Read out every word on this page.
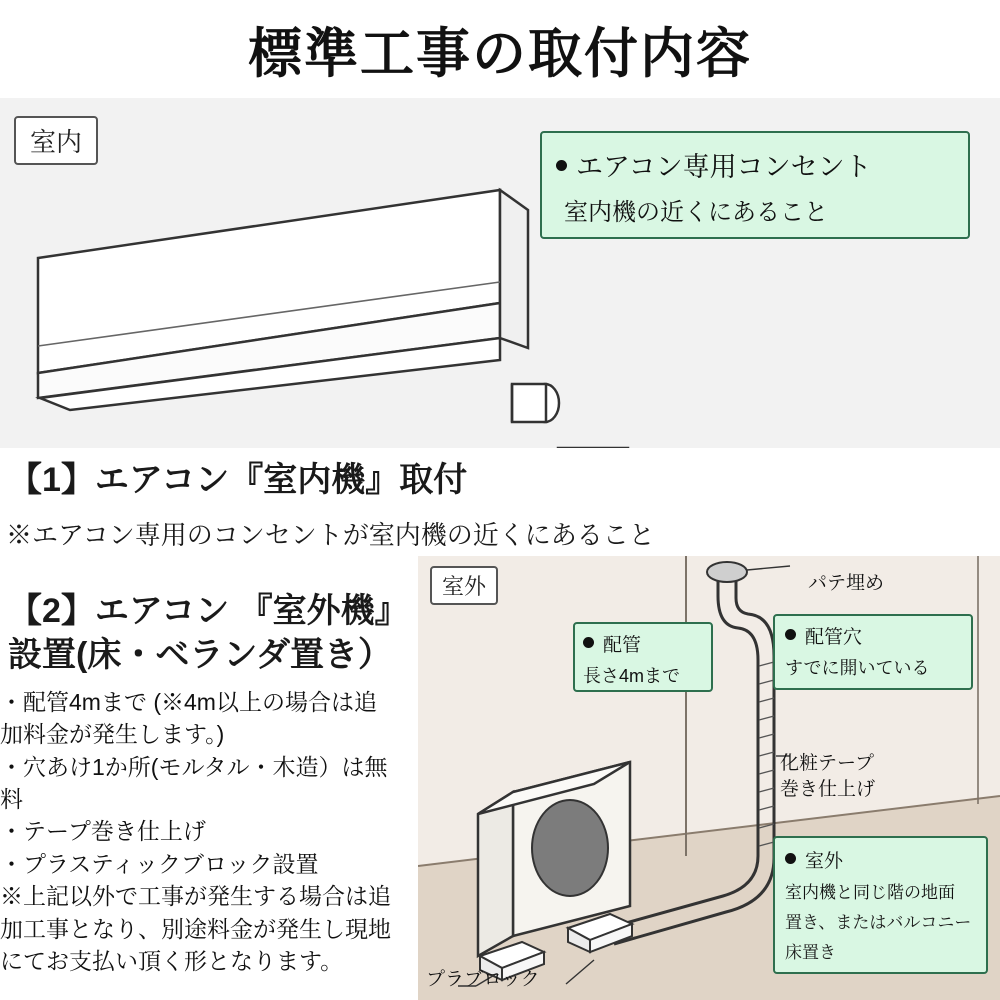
標準工事の取付内容
室内
エアコン専用コンセント
室内機の近くにあること
【1】エアコン『室内機』取付
※エアコン専用のコンセントが室内機の近くにあること
【2】エアコン 『室外機』
設置(床・ベランダ置き）
・配管4mまで (※4m以上の場合は追
加料金が発生します。)
・穴あけ1か所(モルタル・木造）は無
料
・テープ巻き仕上げ
・プラスティックブロック設置
※上記以外で工事が発生する場合は追
加工事となり、別途料金が発生し現地
にてお支払い頂く形となります。
室外	パテ埋め
化粧テープ
巻き仕上げ
プラブロック
配管
長さ4mまで
配管穴
すでに開いている
室外
室内機と同じ階の地面
置き、またはバルコニー
床置き
